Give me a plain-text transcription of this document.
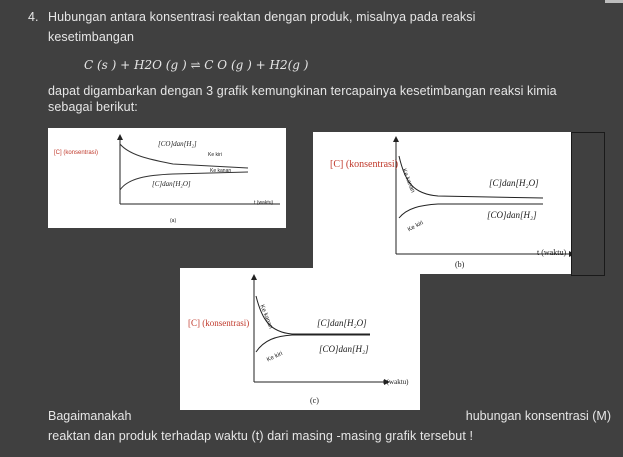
4. Hubungan antara konsentrasi reaktan dengan produk, misalnya pada reaksi
kesetimbangan
C (s ) + H2O (g ) ⇌ C O (g ) + H2(g )
dapat digambarkan dengan 3 grafik kemungkinan tercapainya kesetimbangan reaksi kimia
sebagai berikut:
[C] (konsentrasi)
[CO]dan[H₂]
Ke kiri
Ke kanan
[C]dan[H₂O]
t (waktu)
(a)
[C] (konsentrasi)
[C]dan[H₂O]
[CO]dan[H₂]
Ke kanan
Ke kiri
t (waktu)
(b)
[C] (konsentrasi)	[C]dan[H₂O]
[CO]dan[H₂]
Ke kanan
Ke kiri
t (waktu)
(c)
Bagaimanakah	hubungan konsentrasi (M)
reaktan dan produk terhadap waktu (t) dari masing -masing grafik tersebut !
